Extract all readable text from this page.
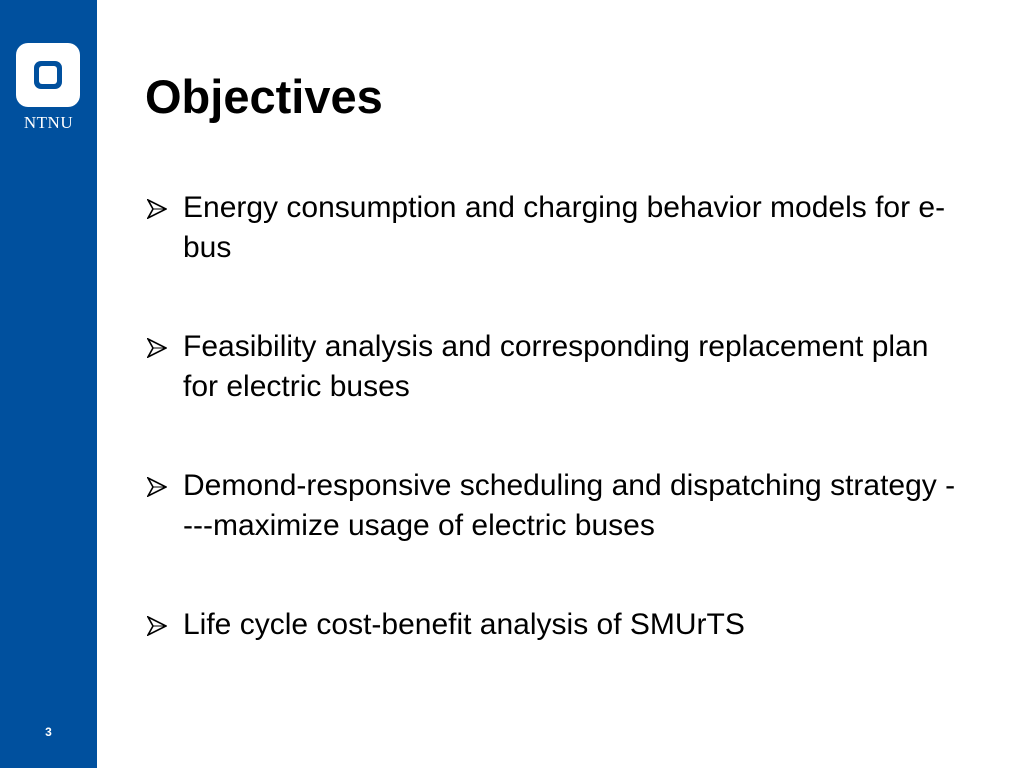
NTNU
3
Objectives
Energy consumption and charging behavior models for e-bus
Feasibility analysis and corresponding replacement plan for electric buses
Demond-responsive scheduling and dispatching strategy ----maximize usage of electric buses
Life cycle cost-benefit analysis of SMUrTS
